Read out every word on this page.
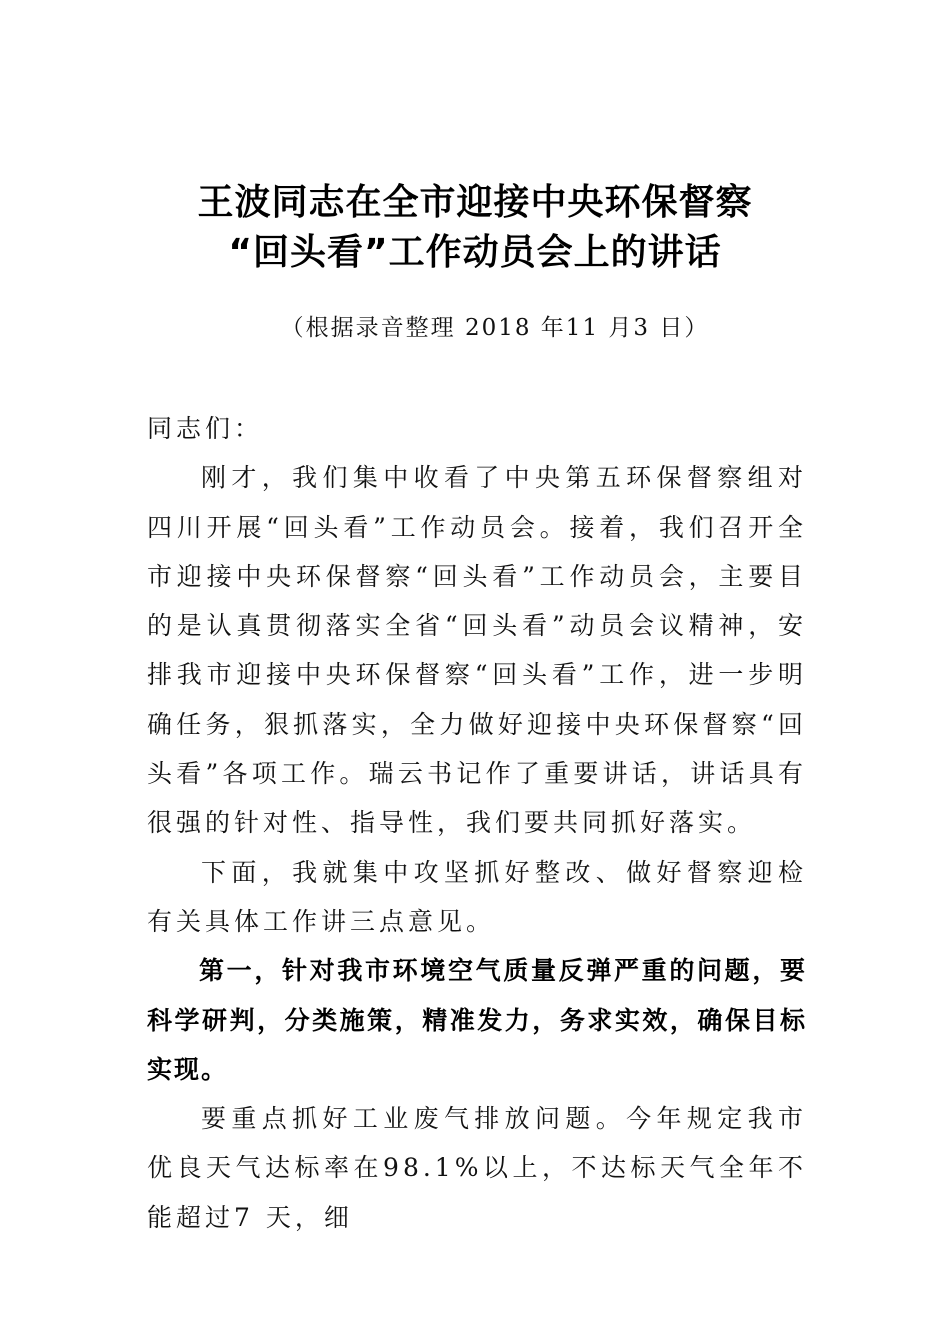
王波同志在全市迎接中央环保督察
“回头看”工作动员会上的讲话
（根据录音整理 2018 年11 月3 日）

同志们：

刚才，我们集中收看了中央第五环保督察组对四川开展“回头看”工作动员会。接着，我们召开全市迎接中央环保督察“回头看”工作动员会，主要目的是认真贯彻落实全省“回头看”动员会议精神，安排我市迎接中央环保督察“回头看”工作，进一步明确任务，狠抓落实，全力做好迎接中央环保督察“回头看”各项工作。瑞云书记作了重要讲话，讲话具有很强的针对性、指导性，我们要共同抓好落实。

下面，我就集中攻坚抓好整改、做好督察迎检有关具体工作讲三点意见。

第一，针对我市环境空气质量反弹严重的问题，要科学研判，分类施策，精准发力，务求实效，确保目标实现。

要重点抓好工业废气排放问题。今年规定我市优良天气达标率在98.1%以上，不达标天气全年不能超过7 天，细
